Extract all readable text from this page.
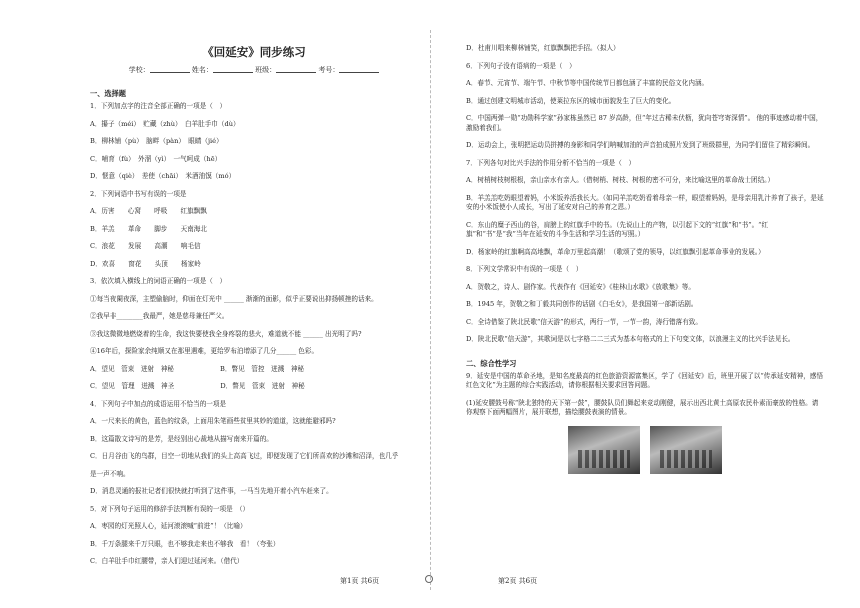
《回延安》同步练习
学校：	姓名：	班级：	考号：
一、选择题

1．下列加点字的注音全部正确的一项是（　）

A．攥子（méi）　贮藏（zhù）　白羊肚手巾（dù）

B．柳林铺（pù）　脑畔（pàn）　眼睛（jié）

C．哺育（fù）　外溜（yì）　一气呵成（hē）

D．惬意（qiè）　差使（chāi）　米酒油馍（mó）

2．下列词语中书写有误的一项是

A．历害　　心窝　　呼吸　　红旗飘飘

B．羊羔　　革命　　脚步　　天南海北

C．浪花　　发展　　高潮　　响毛信

D．欢喜　　窗花　　头顶　　杨家岭

3．依次填入横线上的词语正确的一项是（　）

①每当夜阑夜深，主塑偷脑时，仰面在灯光中 ______ 渐渐的面影，似乎正要说出抑扬顿挫的话来。

②我早非________我最严，她是慈母兼任严父。

③我这微微地燃烧着的生命，我这快要使我全身疼裂的悲火，难道就不能 ______ 出光明了吗?

④16年后，探险家余纯顺又在那里遇难，更给罗布泊增添了几分______ 色彩。

A．望见　管束　迸射　神秘　　　　　　　B．瞥见　管控　迸溅　神秘

C．望见　管理　迸溅　神圣　　　　　　　D．瞥见　管束　迸射　神秘

4．下列句子中加点的成语运用不恰当的一项是

A．一尺来长的黄色，蓝色的纹条，上面用朱笔画些贫里其妙的道道，这就能避邪吗?

B．这篇散文诗写的是芳，是经别出心裁地从描写南来开篇的。

C．日月谷由飞的鸟群，目空一切地从我们的头上高高飞过，即便发现了它们所喜欢的沙滩和沼泽，也几乎

是一声不响。

D．消息灵通的报社记者们很快就打听到了这件事，一马当先地开着小汽车赶来了。

5．对下列句子运用的修辞手法判断有误的一项是　（）

A．枣园的灯光照人心，延河滚滚喊“前进”！（比喻）

B．千万条腿来千万只眼，也不够我走来也不够我　看！（夸张）

C．白羊肚手巾红腰带，亲人们迎过延河来。（借代）

D．杜甫川唱来柳林铺笑，红旗飘飘把手招。（拟人）

6．下列句子没有语病的一项是（　）

A．春节、元宵节、端午节、中秋节等中国传统节日都包涵了丰富的民俗文化内涵。

B．通过创建文明城市活动，使莱拉东区的城市面貌发生了巨大的变化。

C．中国两弹一勋“功勋科学家”孙家栋虽然已 87 岁高龄，但“年过古稀未伏枥，犹向苍穹寄深情”。 他的事迹感动着中国，激励着我们。

D．运动会上，张明把运动员拼搏的身影和同学们呐喊加油的声音拍成照片发到了班级群里，为同学们留住了精彩瞬间。

7．下列各句对比兴手法的作用分析不恰当的一项是（　）

A．树梢树枝树根根，亲山亲水有亲人。（借树梢、树枝、树根的密不可分，来比喻这里的革命战士团结。）

B．羊羔羔吃奶眼望着妈，小米饭养活我长大。（如同羊羔吃奶看着母亲一样，眼望着妈妈，是母亲用乳汁养育了孩子，是延安的小米饭使小人成长，写出了延安对自己的养育之恩。）

C．东山的糜子西山的谷，肩膀上的红旗手中的书。（先说山上的产物，以引起下文的“红旗”和“书”。“红旗”和“书”是“我”当年在延安的斗争生活和学习生活的写照。）

D．杨家岭的红旗啊高高地飘，革命万里起高潮！（歌颂了党的领导，以红旗飘引起革命事业的发展。）

8．下列文学常识中有误的一项是（　）

A．贺敬之，诗人、剧作家。代表作有《回延安》《桂林山水歌》《放歌集》等。

B．1945 年，贺敬之和丁毅共同创作的话剧《白毛女》，是我国第一部新话剧。

C．全诗借鉴了陕北民歌“信天游”的形式，两行一节，一节一韵，涛行错落有致。

D．陕北民歌“信天游”，其歌词是以七字格二二三式为基本句格式的上下句变文体，以浪漫主义的比兴手法见长。

二、综合性学习

9．延安是中国的革命圣地，是知名度最高的红色旅游资源富集区，学了《回延安》后，班里开展了以“传承延安精神，感悟红色文化”为主题的综合实践活动，请你根据相关要求回答问题。

(1)延安腰鼓号称“陕北独特的天下第一鼓”，腰鼓队员们舞起来竞动刚健，展示出西北黄土高原农民朴素而豪放的性格。请你观察下面两幅图片，展开联想，描绘腰鼓表演的情景。

第1页 共6页	第2页 共6页
